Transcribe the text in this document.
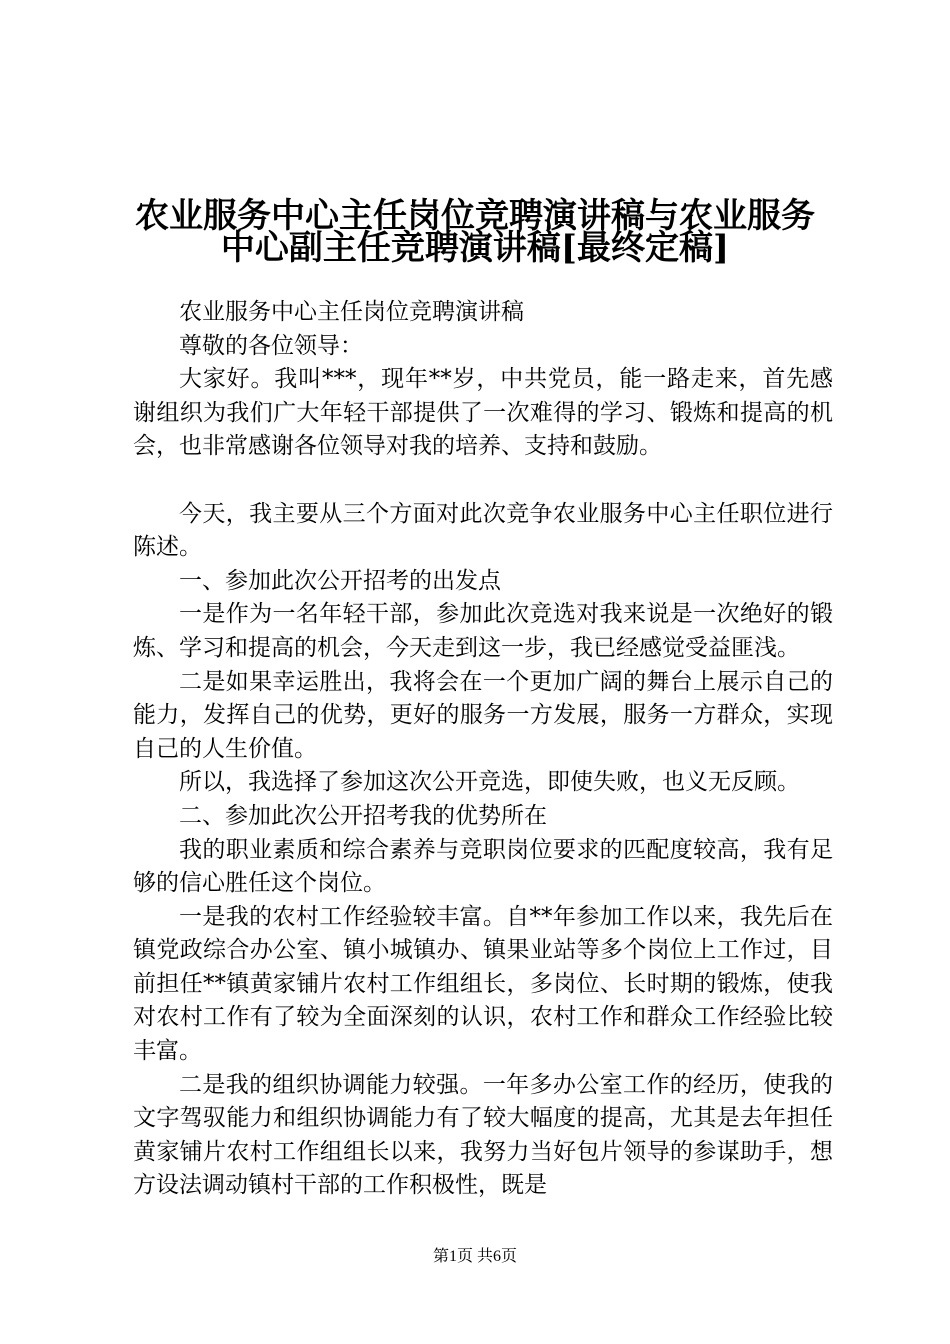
农业服务中心主任岗位竞聘演讲稿与农业服务
中心副主任竞聘演讲稿[最终定稿]

农业服务中心主任岗位竞聘演讲稿

尊敬的各位领导：

大家好。我叫***，现年**岁，中共党员，能一路走来，首先感谢组织为我们广大年轻干部提供了一次难得的学习、锻炼和提高的机会，也非常感谢各位领导对我的培养、支持和鼓励。

今天，我主要从三个方面对此次竞争农业服务中心主任职位进行陈述。

一、参加此次公开招考的出发点

一是作为一名年轻干部，参加此次竞选对我来说是一次绝好的锻炼、学习和提高的机会，今天走到这一步，我已经感觉受益匪浅。

二是如果幸运胜出，我将会在一个更加广阔的舞台上展示自己的能力，发挥自己的优势，更好的服务一方发展，服务一方群众，实现自己的人生价值。

所以，我选择了参加这次公开竞选，即使失败，也义无反顾。

二、参加此次公开招考我的优势所在

我的职业素质和综合素养与竞职岗位要求的匹配度较高，我有足够的信心胜任这个岗位。

一是我的农村工作经验较丰富。自**年参加工作以来，我先后在镇党政综合办公室、镇小城镇办、镇果业站等多个岗位上工作过，目前担任**镇黄家铺片农村工作组组长，多岗位、长时期的锻炼，使我对农村工作有了较为全面深刻的认识，农村工作和群众工作经验比较丰富。

二是我的组织协调能力较强。一年多办公室工作的经历，使我的文字驾驭能力和组织协调能力有了较大幅度的提高，尤其是去年担任黄家铺片农村工作组组长以来，我努力当好包片领导的参谋助手，想方设法调动镇村干部的工作积极性，既是

第1页 共6页
